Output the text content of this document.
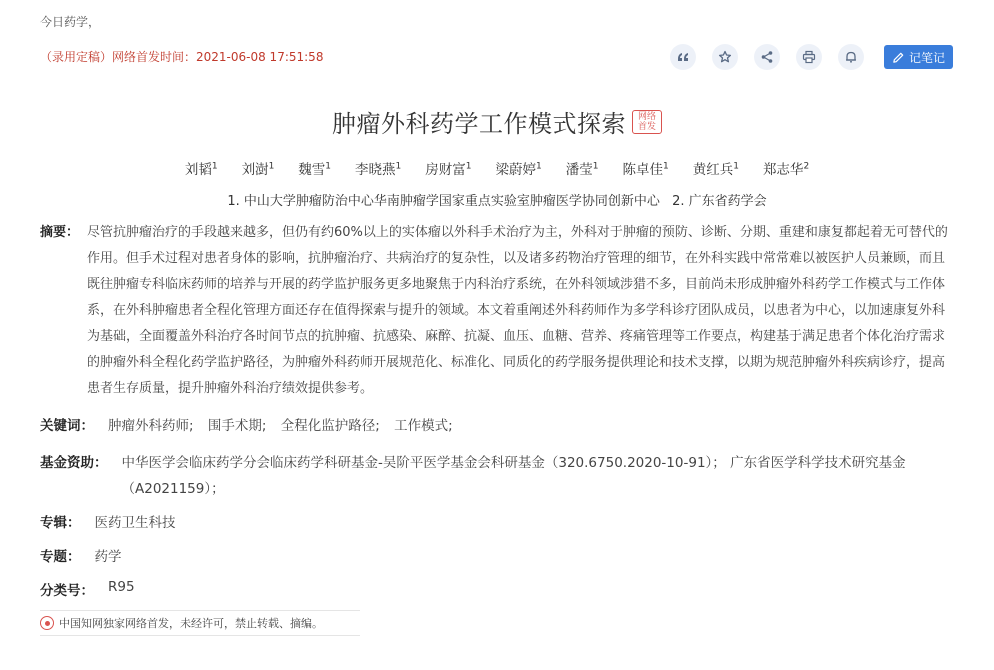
今日药学，
（录用定稿）网络首发时间：2021-06-08 17:51:58	记笔记
肿瘤外科药学工作模式探索	网络首发
刘韬$^1$ 刘澍$^1$ 魏雪$^1$ 李晓燕$^1$ 房财富$^1$ 梁蔚婷$^1$ 潘莹$^1$ 陈卓佳$^1$ 黄红兵$^1$ 郑志华$^2$
1. 中山大学肿瘤防治中心华南肿瘤学国家重点实验室肿瘤医学协同创新中心 2. 广东省药学会
摘要： 尽管抗肿瘤治疗的手段越来越多，但仍有约60%以上的实体瘤以外科手术治疗为主，外科对于肿瘤的预防、诊断、分期、重建和康复都起着无可替代的作用。但手术过程对患者身体的影响，抗肿瘤治疗、共病治疗的复杂性，以及诸多药物治疗管理的细节，在外科实践中常常难以被医护人员兼顾，而且既往肿瘤专科临床药师的培养与开展的药学监护服务更多地聚焦于内科治疗系统，在外科领域涉猎不多，目前尚未形成肿瘤外科药学工作模式与工作体系，在外科肿瘤患者全程化管理方面还存在值得探索与提升的领域。本文着重阐述外科药师作为多学科诊疗团队成员，以患者为中心，以加速康复外科为基础，全面覆盖外科治疗各时间节点的抗肿瘤、抗感染、麻醉、抗凝、血压、血糖、营养、疼痛管理等工作要点，构建基于满足患者个体化治疗需求的肿瘤外科全程化药学监护路径，为肿瘤外科药师开展规范化、标准化、同质化的药学服务提供理论和技术支撑，以期为规范肿瘤外科疾病诊疗，提高患者生存质量，提升肿瘤外科治疗绩效提供参考。
关键词： 肿瘤外科药师; 围手术期; 全程化监护路径; 工作模式;
基金资助： 中华医学会临床药学分会临床药学科研基金-吴阶平医学基金会科研基金（320.6750.2020-10-91）； 广东省医学科学技术研究基金（A2021159）；
专辑： 医药卫生科技
专题： 药学
分类号： R95
中国知网独家网络首发，未经许可，禁止转载、摘编。
